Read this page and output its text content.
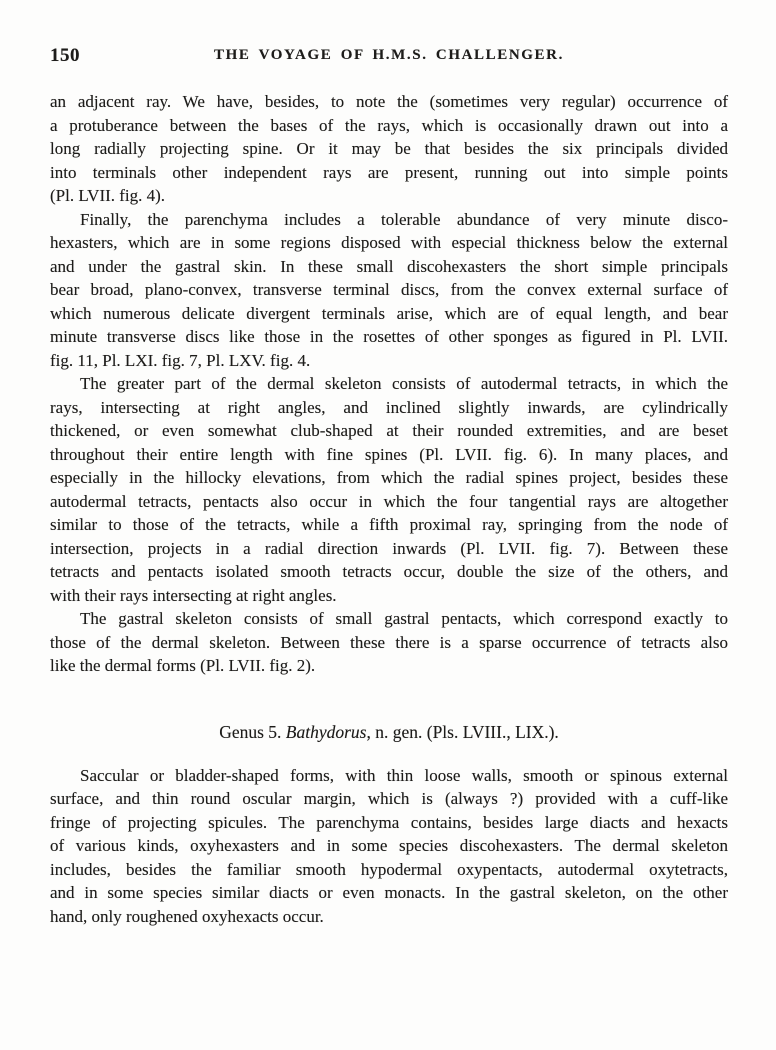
150	THE VOYAGE OF H.M.S. CHALLENGER.

an adjacent ray. We have, besides, to note the (sometimes very regular) occurrence of
a protuberance between the bases of the rays, which is occasionally drawn out into a
long radially projecting spine. Or it may be that besides the six principals divided
into terminals other independent rays are present, running out into simple points
(Pl. LVII. fig. 4).

Finally, the parenchyma includes a tolerable abundance of very minute disco-
hexasters, which are in some regions disposed with especial thickness below the external
and under the gastral skin. In these small discohexasters the short simple principals
bear broad, plano-convex, transverse terminal discs, from the convex external surface of
which numerous delicate divergent terminals arise, which are of equal length, and bear
minute transverse discs like those in the rosettes of other sponges as figured in Pl. LVII.
fig. 11, Pl. LXI. fig. 7, Pl. LXV. fig. 4.

The greater part of the dermal skeleton consists of autodermal tetracts, in which the
rays, intersecting at right angles, and inclined slightly inwards, are cylindrically
thickened, or even somewhat club-shaped at their rounded extremities, and are beset
throughout their entire length with fine spines (Pl. LVII. fig. 6). In many places, and
especially in the hillocky elevations, from which the radial spines project, besides these
autodermal tetracts, pentacts also occur in which the four tangential rays are altogether
similar to those of the tetracts, while a fifth proximal ray, springing from the node of
intersection, projects in a radial direction inwards (Pl. LVII. fig. 7). Between these
tetracts and pentacts isolated smooth tetracts occur, double the size of the others, and
with their rays intersecting at right angles.

The gastral skeleton consists of small gastral pentacts, which correspond exactly to
those of the dermal skeleton. Between these there is a sparse occurrence of tetracts also
like the dermal forms (Pl. LVII. fig. 2).

Genus 5. Bathydorus, n. gen. (Pls. LVIII., LIX.).

Saccular or bladder-shaped forms, with thin loose walls, smooth or spinous external
surface, and thin round oscular margin, which is (always ?) provided with a cuff-like
fringe of projecting spicules. The parenchyma contains, besides large diacts and hexacts
of various kinds, oxyhexasters and in some species discohexasters. The dermal skeleton
includes, besides the familiar smooth hypodermal oxypentacts, autodermal oxytetracts,
and in some species similar diacts or even monacts. In the gastral skeleton, on the other
hand, only roughened oxyhexacts occur.
